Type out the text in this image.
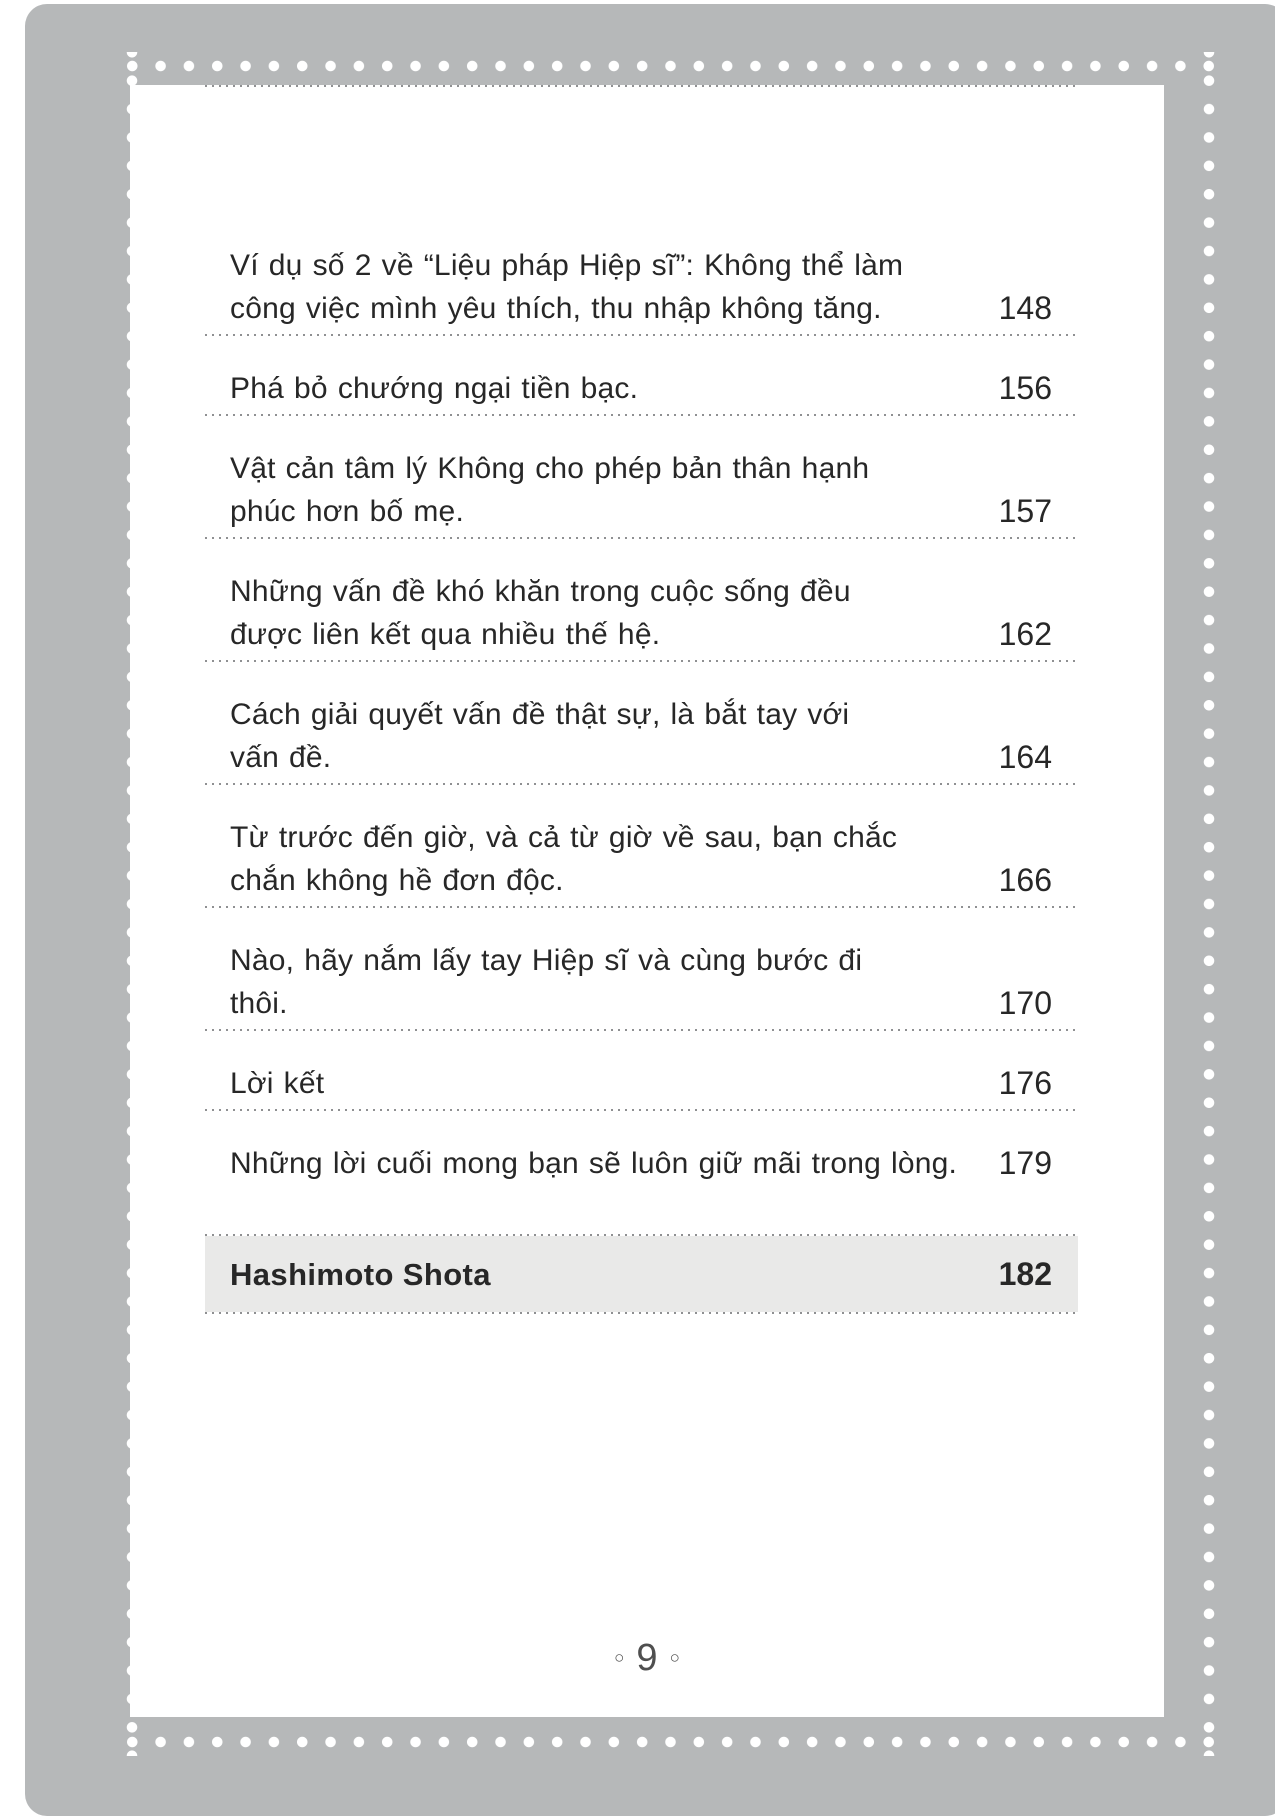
Ví dụ số 2 về “Liệu pháp Hiệp sĩ”: Không thể làm
công việc mình yêu thích, thu nhập không tăng.	148
Phá bỏ chướng ngại tiền bạc.	156
Vật cản tâm lý Không cho phép bản thân hạnh
phúc hơn bố mẹ.	157
Những vấn đề khó khăn trong cuộc sống đều
được liên kết qua nhiều thế hệ.	162
Cách giải quyết vấn đề thật sự, là bắt tay với
vấn đề.	164
Từ trước đến giờ, và cả từ giờ về sau, bạn chắc
chắn không hề đơn độc.	166
Nào, hãy nắm lấy tay Hiệp sĩ và cùng bước đi
thôi.	170
Lời kết	176
Những lời cuối mong bạn sẽ luôn giữ mãi trong lòng.	179
Hashimoto Shota	182
○ 9 ○
